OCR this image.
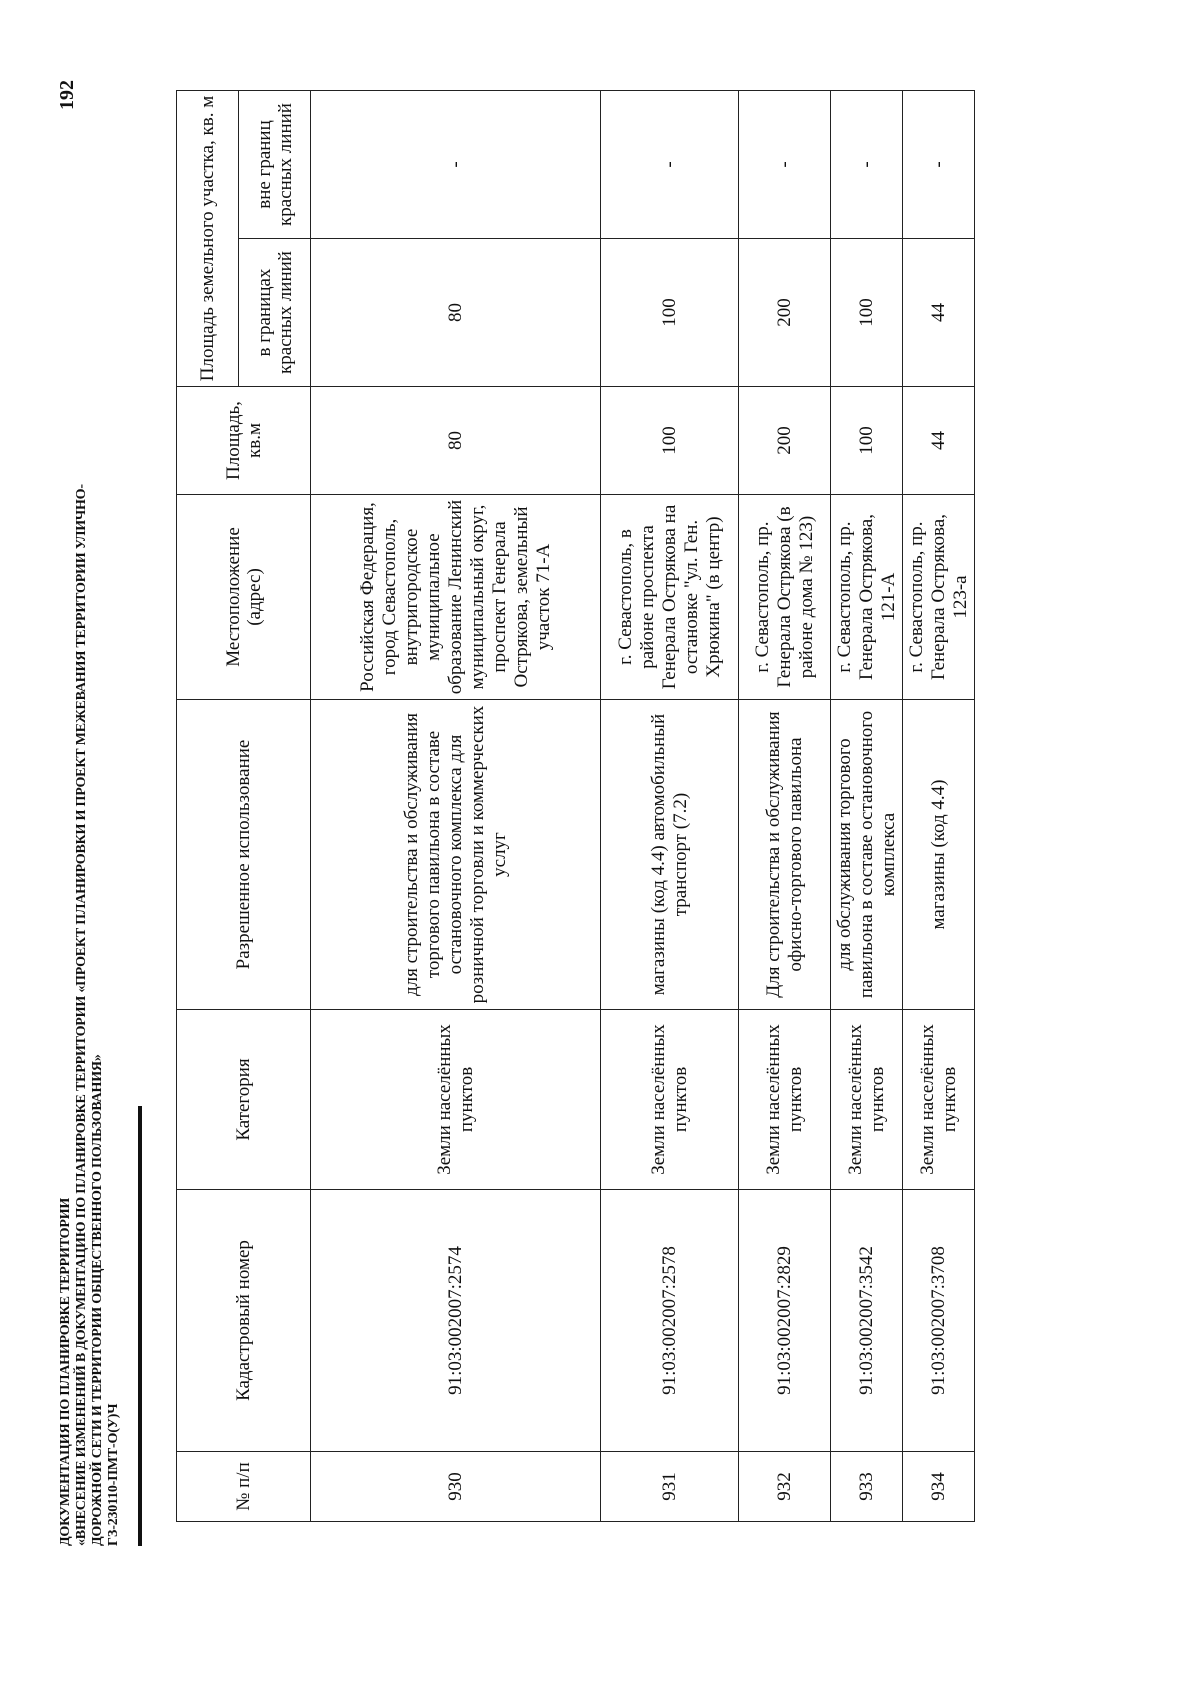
ДОКУМЕНТАЦИЯ ПО ПЛАНИРОВКЕ ТЕРРИТОРИИ «ВНЕСЕНИЕ ИЗМЕНЕНИЙ В ДОКУМЕНТАЦИЮ ПО ПЛАНИРОВКЕ ТЕРРИТОРИИ «ПРОЕКТ ПЛАНИРОВКИ И ПРОЕКТ МЕЖЕВАНИЯ ТЕРРИТОРИИ УЛИЧНО- ДОРОЖНОЙ СЕТИ И ТЕРРИТОРИИ ОБЩЕСТВЕННОГО ПОЛЬЗОВАНИЯ» ГЗ-230110-ПМТ-О(У)Ч
192
№ п/п	Кадастровый номер	Категория	Разрешенное использование	Местоположение (адрес)	Площадь, кв.м	Площадь земельного участка, кв. м	
						в границах красных линий	вне границ красных линий
930	91:03:002007:2574	Земли населённых пунктов	для строительства и обслуживания торгового павильона в составе остановочного комплекса для розничной торговли и коммерческих услуг	Российская Федерация, город Севастополь, внутригородское муниципальное образование Ленинский муниципальный округ, проспект Генерала Острякова, земельный участок 71-А	80	80	-
931	91:03:002007:2578	Земли населённых пунктов	магазины (код 4.4) автомобильный транспорт (7.2)	г. Севастополь, в районе проспекта Генерала Острякова на остановке "ул. Ген. Хрюкина" (в центр)	100	100	-
932	91:03:002007:2829	Земли населённых пунктов	Для строительства и обслуживания офисно-торгового павильона	г. Севастополь, пр. Генерала Острякова (в районе дома № 123)	200	200	-
933	91:03:002007:3542	Земли населённых пунктов	для обслуживания торгового павильона в составе остановочного комплекса	г. Севастополь, пр. Генерала Острякова, 121-А	100	100	-
934	91:03:002007:3708	Земли населённых пунктов	магазины (код 4.4)	г. Севастополь, пр. Генерала Острякова, 123-а	44	44	-
